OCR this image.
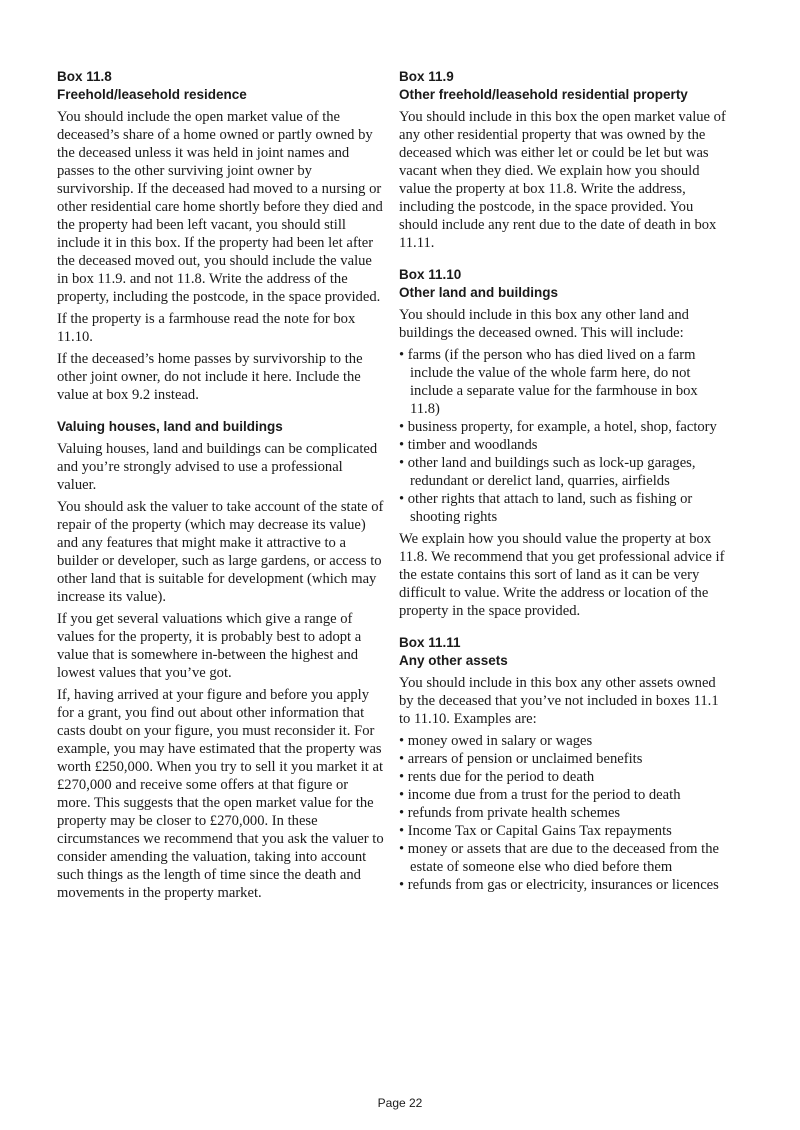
Box 11.8
Freehold/leasehold residence

You should include the open market value of the deceased’s share of a home owned or partly owned by the deceased unless it was held in joint names and passes to the other surviving joint owner by survivorship. If the deceased had moved to a nursing or other residential care home shortly before they died and the property had been left vacant, you should still include it in this box. If the property had been let after the deceased moved out, you should include the value in box 11.9. and not 11.8. Write the address of the property, including the postcode, in the space provided.

If the property is a farmhouse read the note for box 11.10.

If the deceased’s home passes by survivorship to the other joint owner, do not include it here. Include the value at box 9.2 instead.

Valuing houses, land and buildings

Valuing houses, land and buildings can be complicated and you’re strongly advised to use a professional valuer.

You should ask the valuer to take account of the state of repair of the property (which may decrease its value) and any features that might make it attractive to a builder or developer, such as large gardens, or access to other land that is suitable for development (which may increase its value).

If you get several valuations which give a range of values for the property, it is probably best to adopt a value that is somewhere in-between the highest and lowest values that you’ve got.

If, having arrived at your figure and before you apply for a grant, you find out about other information that casts doubt on your figure, you must reconsider it. For example, you may have estimated that the property was worth £250,000. When you try to sell it you market it at £270,000 and receive some offers at that figure or more. This suggests that the open market value for the property may be closer to £270,000. In these circumstances we recommend that you ask the valuer to consider amending the valuation, taking into account such things as the length of time since the death and movements in the property market.

Box 11.9
Other freehold/leasehold residential property

You should include in this box the open market value of any other residential property that was owned by the deceased which was either let or could be let but was vacant when they died. We explain how you should value the property at box 11.8. Write the address, including the postcode, in the space provided. You should include any rent due to the date of death in box 11.11.

Box 11.10
Other land and buildings

You should include in this box any other land and buildings the deceased owned. This will include:

• farms (if the person who has died lived on a farm include the value of the whole farm here, do not include a separate value for the farmhouse in box 11.8)
• business property, for example, a hotel, shop, factory
• timber and woodlands
• other land and buildings such as lock-up garages, redundant or derelict land, quarries, airfields
• other rights that attach to land, such as fishing or shooting rights

We explain how you should value the property at box 11.8. We recommend that you get professional advice if the estate contains this sort of land as it can be very difficult to value. Write the address or location of the property in the space provided.

Box 11.11
Any other assets

You should include in this box any other assets owned by the deceased that you’ve not included in boxes 11.1 to 11.10. Examples are:

• money owed in salary or wages
• arrears of pension or unclaimed benefits
• rents due for the period to death
• income due from a trust for the period to death
• refunds from private health schemes
• Income Tax or Capital Gains Tax repayments
• money or assets that are due to the deceased from the estate of someone else who died before them
• refunds from gas or electricity, insurances or licences
Page 22
